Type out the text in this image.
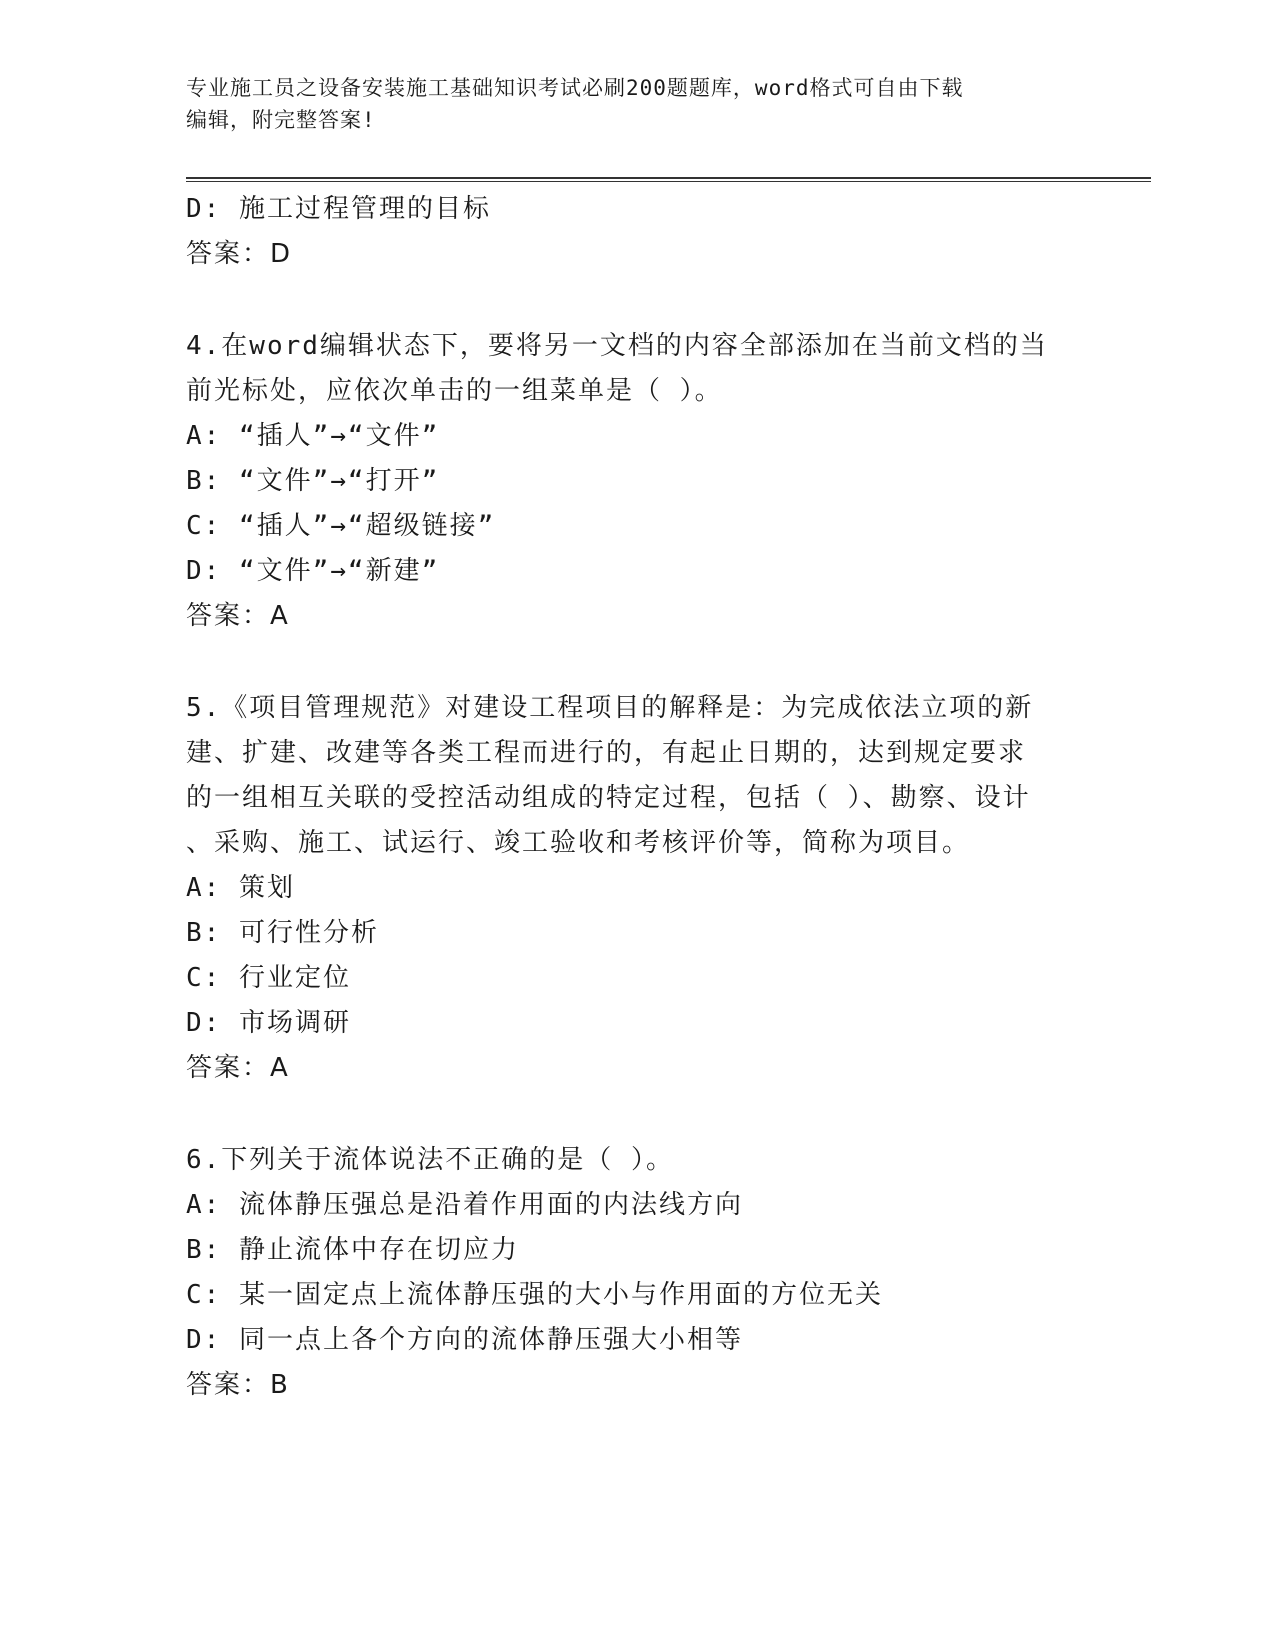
专业施工员之设备安装施工基础知识考试必刷200题题库，word格式可自由下载
编辑，附完整答案!
D: 施工过程管理的目标
答案：D
4.在word编辑状态下，要将另一文档的内容全部添加在当前文档的当
前光标处，应依次单击的一组菜单是（ ）。
A: “插人”→“文件”
B: “文件”→“打开”
C: “插人”→“超级链接”
D: “文件”→“新建”
答案：A
5.《项目管理规范》对建设工程项目的解释是：为完成依法立项的新
建、扩建、改建等各类工程而进行的，有起止日期的，达到规定要求
的一组相互关联的受控活动组成的特定过程，包括（ ）、勘察、设计
、采购、施工、试运行、竣工验收和考核评价等，简称为项目。
A: 策划
B: 可行性分析
C: 行业定位
D: 市场调研
答案：A
6.下列关于流体说法不正确的是（ ）。
A: 流体静压强总是沿着作用面的内法线方向
B: 静止流体中存在切应力
C: 某一固定点上流体静压强的大小与作用面的方位无关
D: 同一点上各个方向的流体静压强大小相等
答案：B
